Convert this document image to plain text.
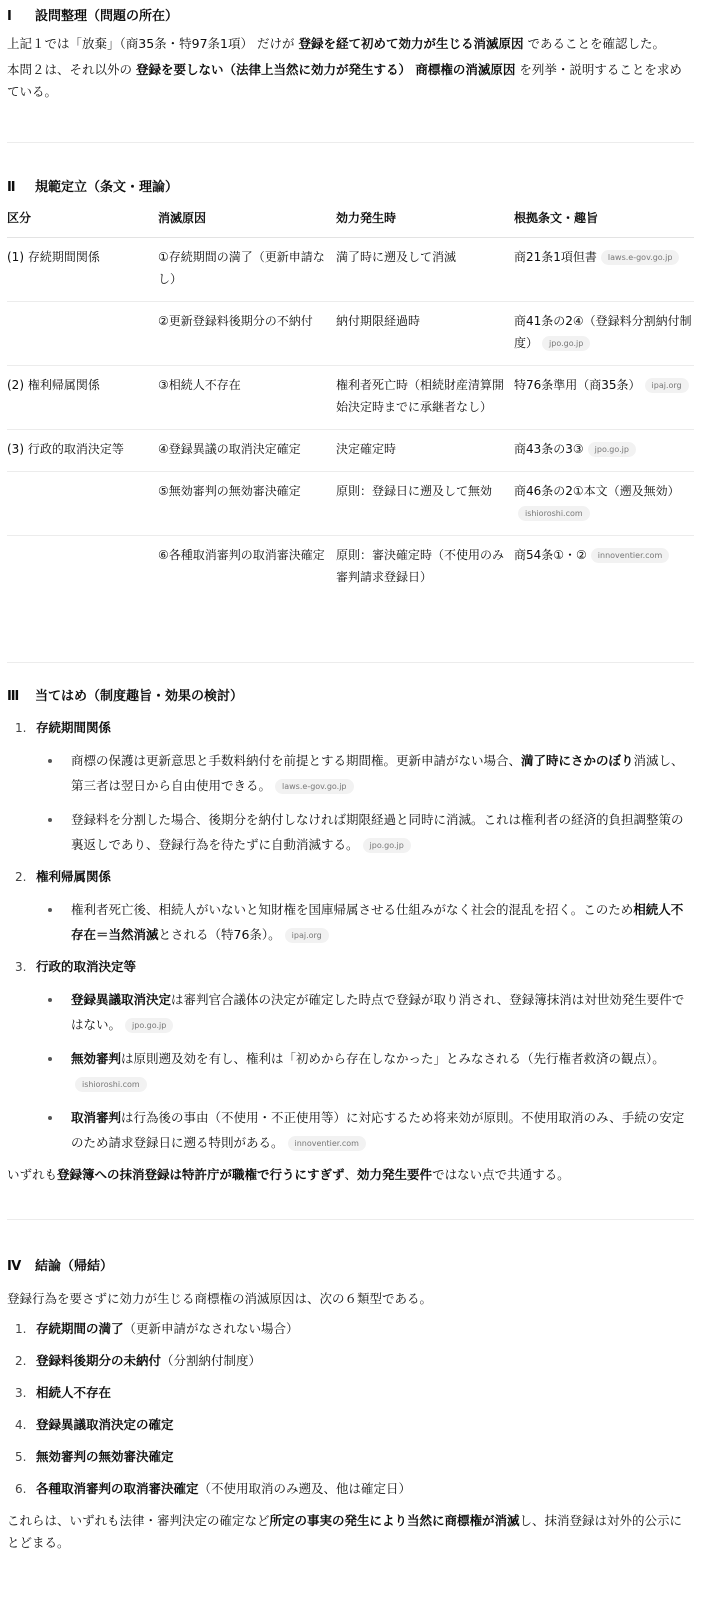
Ⅰ 設問整理（問題の所在）

上記１では「放棄」（商35条・特97条1項） だけが 登録を経て初めて効力が生じる消滅原因 であることを確認した。

本問２は、それ以外の 登録を要しない（法律上当然に効力が発生する） 商標権の消滅原因 を列挙・説明することを求めている。

Ⅱ 規範定立（条文・理論）
区分	消滅原因	効力発生時	根拠条文・趣旨
(1) 存続期間関係	①存続期間の満了（更新申請なし）	満了時に遡及して消滅	商21条1項但書 laws.e-gov.go.jp
	②更新登録料後期分の不納付	納付期限経過時	商41条の2④（登録料分割納付制度） jpo.go.jp
(2) 権利帰属関係	③相続人不存在	権利者死亡時（相続財産清算開始決定時までに承継者なし）	特76条準用（商35条） ipaj.org
(3) 行政的取消決定等	④登録異議の取消決定確定	決定確定時	商43条の3③ jpo.go.jp
	⑤無効審判の無効審決確定	原則：登録日に遡及して無効	商46条の2①本文（遡及無効）ishioroshi.com
	⑥各種取消審判の取消審決確定	原則：審決確定時（不使用のみ審判請求登録日）	商54条①・② innoventier.com
Ⅲ 当てはめ（制度趣旨・効果の検討）
1. 存続期間関係
商標の保護は更新意思と手数料納付を前提とする期間権。更新申請がない場合、満了時にさかのぼり消滅し、第三者は翌日から自由使用できる。 laws.e-gov.go.jp
登録料を分割した場合、後期分を納付しなければ期限経過と同時に消滅。これは権利者の経済的負担調整策の裏返しであり、登録行為を待たずに自動消滅する。 jpo.go.jp
2. 権利帰属関係
権利者死亡後、相続人がいないと知財権を国庫帰属させる仕組みがなく社会的混乱を招く。このため相続人不存在＝当然消滅とされる（特76条）。 ipaj.org
3. 行政的取消決定等
登録異議取消決定は審判官合議体の決定が確定した時点で登録が取り消され、登録簿抹消は対世効発生要件ではない。 jpo.go.jp
無効審判は原則遡及効を有し、権利は「初めから存在しなかった」とみなされる（先行権者救済の観点）。ishioroshi.com
取消審判は行為後の事由（不使用・不正使用等）に対応するため将来効が原則。不使用取消のみ、手続の安定のため請求登録日に遡る特則がある。 innoventier.com

いずれも登録簿への抹消登録は特許庁が職権で行うにすぎず、効力発生要件ではない点で共通する。

Ⅳ 結論（帰結）

登録行為を要さずに効力が生じる商標権の消滅原因は、次の６類型である。

1. 存続期間の満了（更新申請がなされない場合）
2. 登録料後期分の未納付（分割納付制度）
3. 相続人不存在
4. 登録異議取消決定の確定
5. 無効審判の無効審決確定
6. 各種取消審判の取消審決確定（不使用取消のみ遡及、他は確定日）

これらは、いずれも法律・審判決定の確定など所定の事実の発生により当然に商標権が消滅し、抹消登録は対外的公示にとどまる。
